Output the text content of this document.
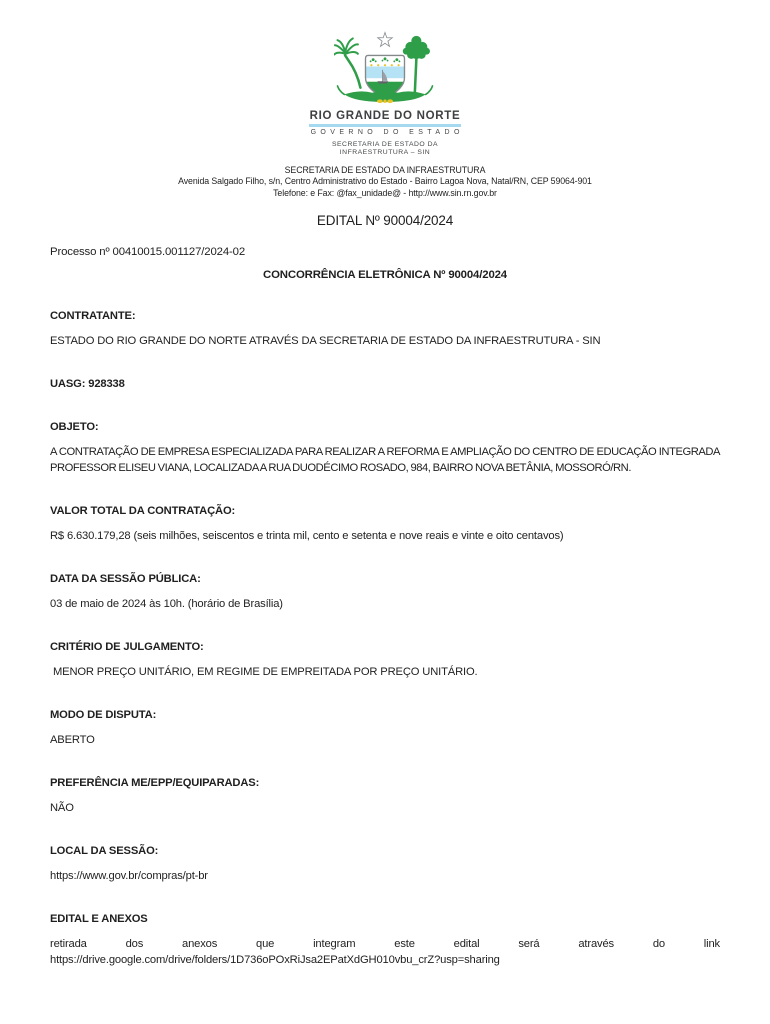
RIO GRANDE DO NORTE
GOVERNO DO ESTADO
SECRETARIA DE ESTADO DA
INFRAESTRUTURA – SIN
SECRETARIA DE ESTADO DA INFRAESTRUTURA
Avenida Salgado Filho, s/n, Centro Administrativo do Estado - Bairro Lagoa Nova, Natal/RN, CEP 59064-901
Telefone: e Fax: @fax_unidade@ - http://www.sin.rn.gov.br
EDITAL Nº 90004/2024
Processo nº 00410015.001127/2024-02
CONCORRÊNCIA ELETRÔNICA Nº 90004/2024
CONTRATANTE:

ESTADO DO RIO GRANDE DO NORTE ATRAVÉS DA SECRETARIA DE ESTADO DA INFRAESTRUTURA - SIN

UASG: 928338
OBJETO:

A CONTRATAÇÃO DE EMPRESA ESPECIALIZADA PARA REALIZAR A REFORMA E AMPLIAÇÃO DO CENTRO DE EDUCAÇÃO INTEGRADA PROFESSOR ELISEU VIANA, LOCALIZADA A RUA DUODÉCIMO ROSADO, 984, BAIRRO NOVA BETÂNIA, MOSSORÓ/RN.

VALOR TOTAL DA CONTRATAÇÃO:

R$ 6.630.179,28 (seis milhões, seiscentos e trinta mil, cento e setenta e nove reais e vinte e oito centavos)

DATA DA SESSÃO PÚBLICA:

03 de maio de 2024 às 10h. (horário de Brasília)

CRITÉRIO DE JULGAMENTO:

MENOR PREÇO UNITÁRIO, EM REGIME DE EMPREITADA POR PREÇO UNITÁRIO.

MODO DE DISPUTA:

ABERTO

PREFERÊNCIA ME/EPP/EQUIPARADAS:

NÃO

LOCAL DA SESSÃO:

https://www.gov.br/compras/pt-br

EDITAL E ANEXOS

retirada dos anexos que integram este edital será através do link https://drive.google.com/drive/folders/1D736oPOxRiJsa2EPatXdGH010vbu_crZ?usp=sharing
